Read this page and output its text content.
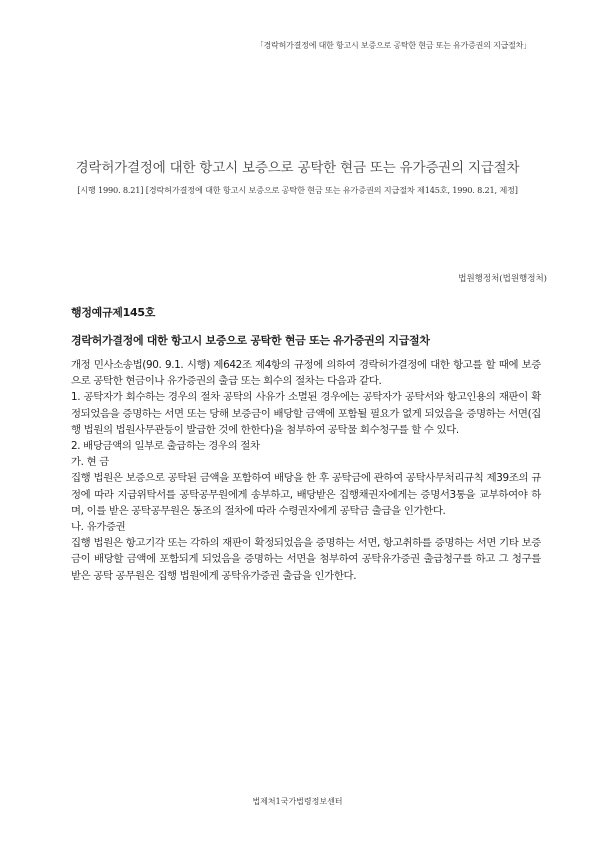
「경락허가결정에 대한 항고시 보증으로 공탁한 현금 또는 유가증권의 지급절차」
경락허가결정에 대한 항고시 보증으로 공탁한 현금 또는 유가증권의 지급절차
[시행 1990. 8.21] [경락허가결정에 대한 항고시 보증으로 공탁한 현금 또는 유가증권의 지급절차 제145호, 1990. 8.21, 제정]
법원행정처(법원행정처)
행정예규제145호
경락허가결정에 대한 항고시 보증으로 공탁한 현금 또는 유가증권의 지급절차

개정 민사소송법(90. 9.1. 시행) 제642조 제4항의 규정에 의하여 경락허가결정에 대한 항고를 할 때에 보증으로 공탁한 현금이나 유가증권의 출급 또는 회수의 절차는 다음과 같다.

1. 공탁자가 회수하는 경우의 절차 공탁의 사유가 소멸된 경우에는 공탁자가 공탁서와 항고인용의 재판이 확정되었음을 증명하는 서면 또는 당해 보증금이 배당할 금액에 포함될 필요가 없게 되었음을 증명하는 서면(집행 법원의 법원사무관등이 발급한 것에 한한다)을 첨부하여 공탁물 회수청구를 할 수 있다.

2. 배당금액의 일부로 출급하는 경우의 절차

가. 현 금

집행 법원은 보증으로 공탁된 금액을 포함하여 배당을 한 후 공탁금에 관하여 공탁사무처리규칙 제39조의 규정에 따라 지급위탁서를 공탁공무원에게 송부하고, 배당받은 집행채권자에게는 증명서3통을 교부하여야 하며, 이를 받은 공탁공무원은 동조의 절차에 따라 수령권자에게 공탁금 출급을 인가한다.

나. 유가증권

집행 법원은 항고기각 또는 각하의 재판이 확정되었음을 증명하는 서면, 항고취하를 증명하는 서면 기타 보증금이 배당할 금액에 포함되게 되었음을 증명하는 서면을 첨부하여 공탁유가증권 출급청구를 하고 그 청구를 받은 공탁 공무원은 집행 법원에게 공탁유가증권 출급을 인가한다.

법제처1국가법령정보센터
